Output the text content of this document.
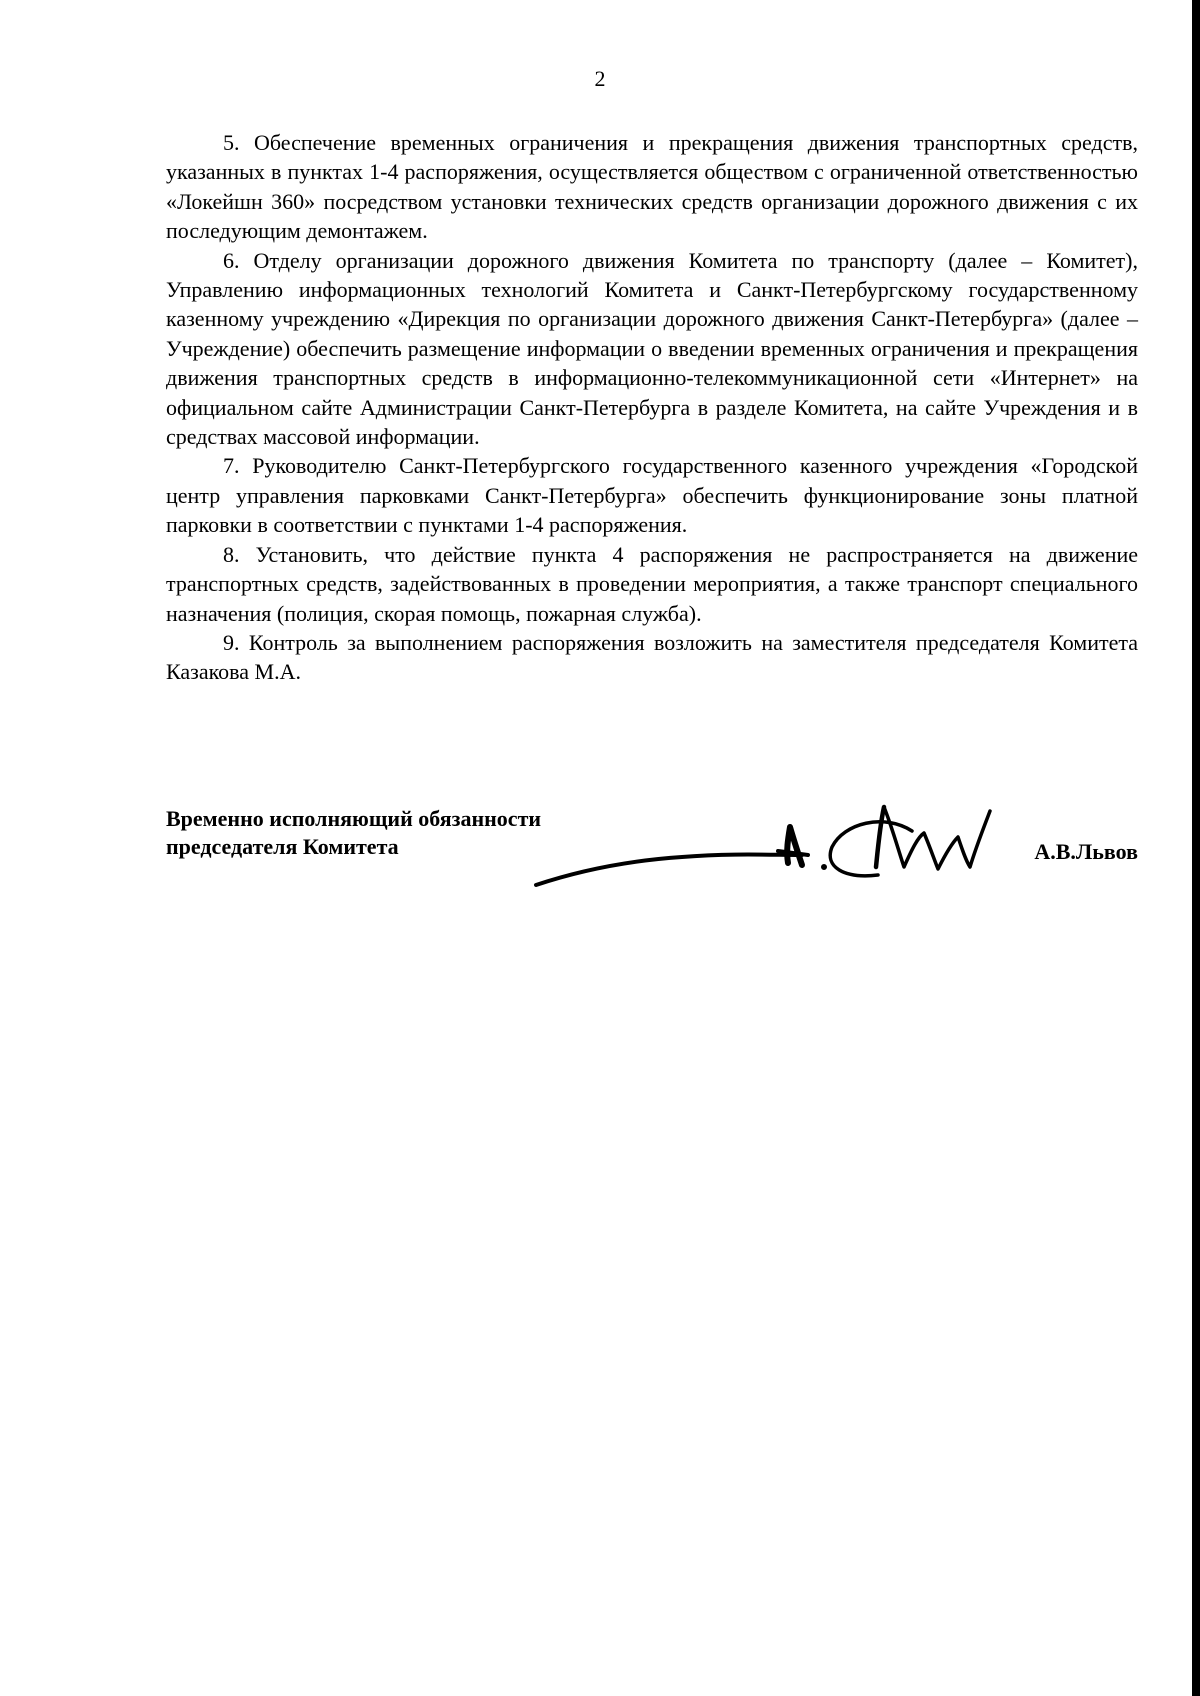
2

5. Обеспечение временных ограничения и прекращения движения транспортных средств, указанных в пунктах 1-4 распоряжения, осуществляется обществом с ограниченной ответственностью «Локейшн 360» посредством установки технических средств организации дорожного движения с их последующим демонтажем.

6. Отделу организации дорожного движения Комитета по транспорту (далее – Комитет), Управлению информационных технологий Комитета и Санкт-Петербургскому государственному казенному учреждению «Дирекция по организации дорожного движения Санкт-Петербурга» (далее – Учреждение) обеспечить размещение информации о введении временных ограничения и прекращения движения транспортных средств в информационно-телекоммуникационной сети «Интернет» на официальном сайте Администрации Санкт-Петербурга в разделе Комитета, на сайте Учреждения и в средствах массовой информации.

7. Руководителю Санкт-Петербургского государственного казенного учреждения «Городской центр управления парковками Санкт-Петербурга» обеспечить функционирование зоны платной парковки в соответствии с пунктами 1-4 распоряжения.

8. Установить, что действие пункта 4 распоряжения не распространяется на движение транспортных средств, задействованных в проведении мероприятия, а также транспорт специального назначения (полиция, скорая помощь, пожарная служба).

9. Контроль за выполнением распоряжения возложить на заместителя председателя Комитета Казакова М.А.

Временно исполняющий обязанности
председателя Комитета	А.В.Львов
